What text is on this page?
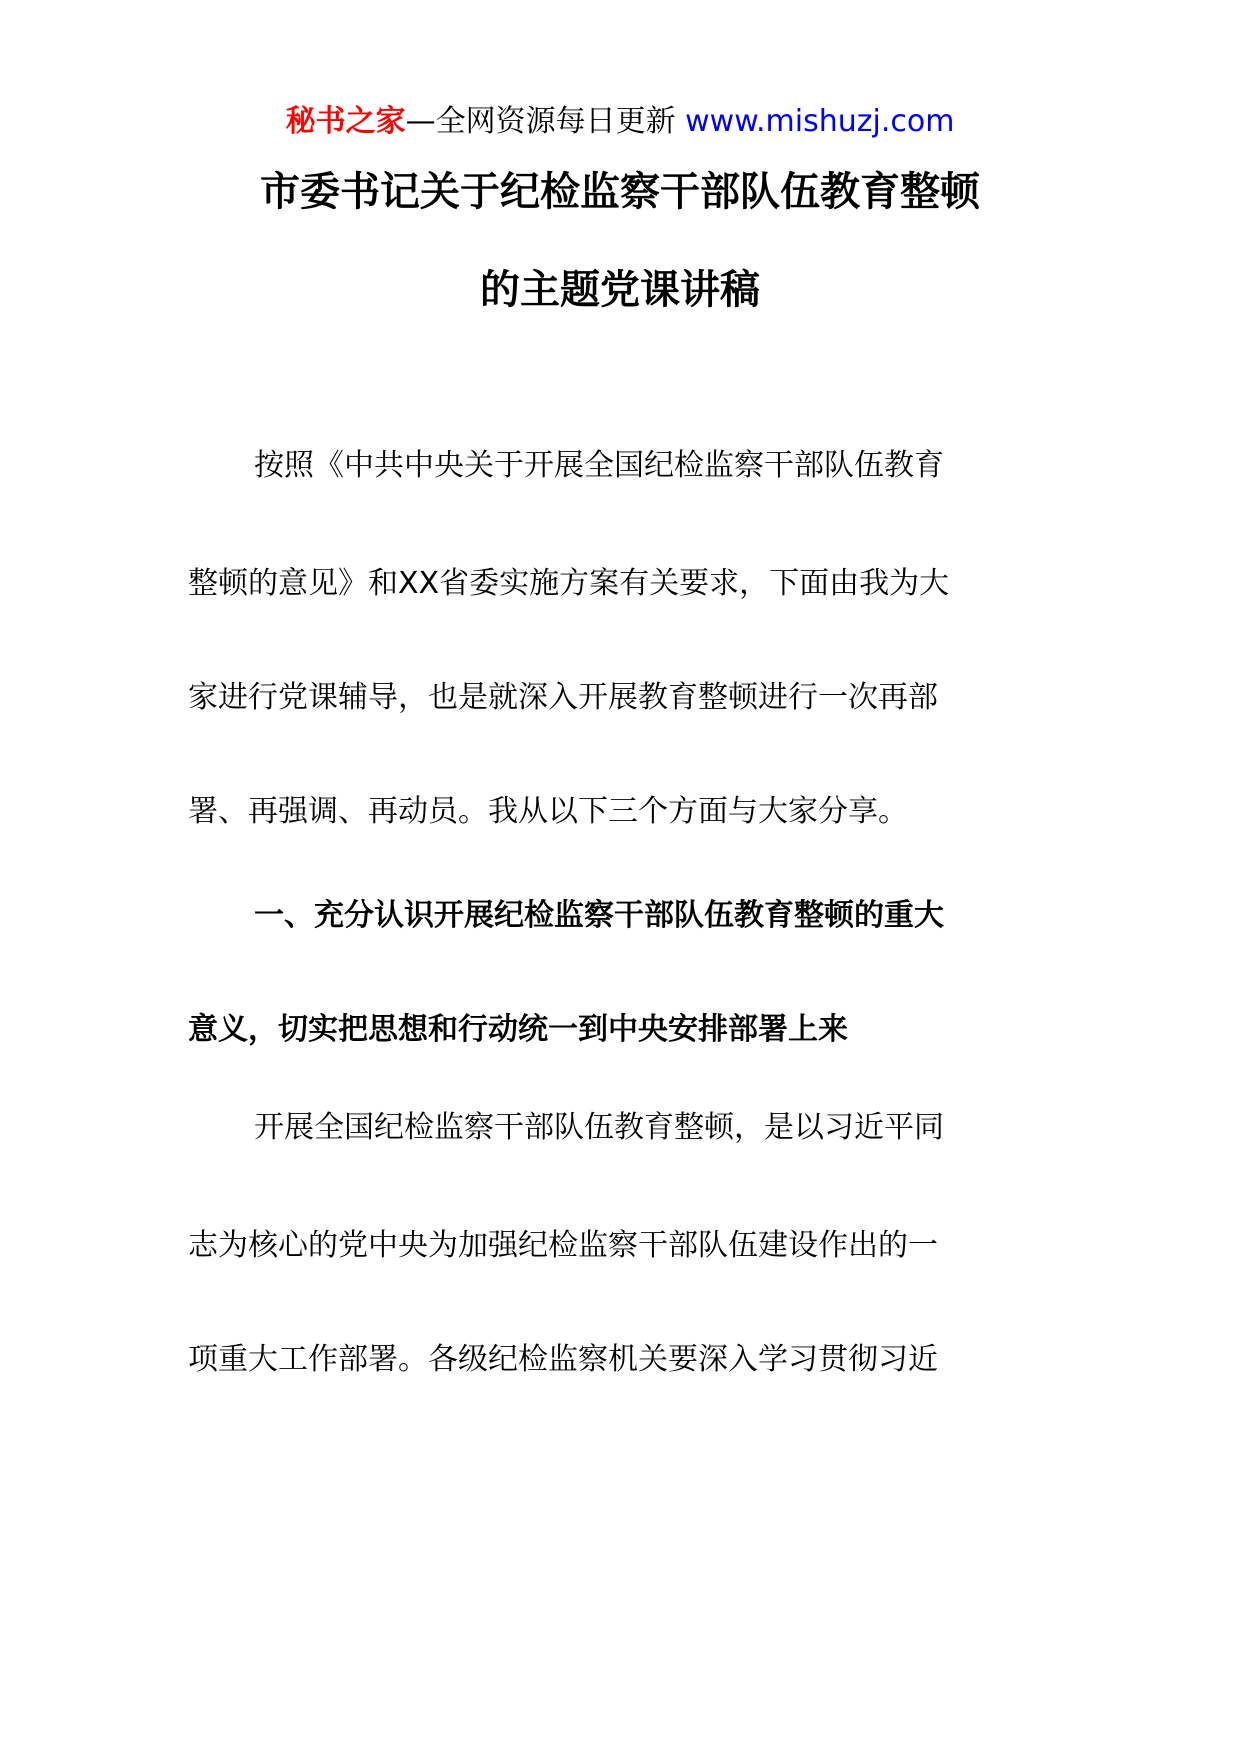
秘书之家—全网资源每日更新 www.mishuzj.com
市委书记关于纪检监察干部队伍教育整顿
的主题党课讲稿
按照《中共中央关于开展全国纪检监察干部队伍教育
整顿的意见》和XX省委实施方案有关要求，下面由我为大
家进行党课辅导，也是就深入开展教育整顿进行一次再部
署、再强调、再动员。我从以下三个方面与大家分享。
一、充分认识开展纪检监察干部队伍教育整顿的重大
意义，切实把思想和行动统一到中央安排部署上来
开展全国纪检监察干部队伍教育整顿，是以习近平同
志为核心的党中央为加强纪检监察干部队伍建设作出的一
项重大工作部署。各级纪检监察机关要深入学习贯彻习近
